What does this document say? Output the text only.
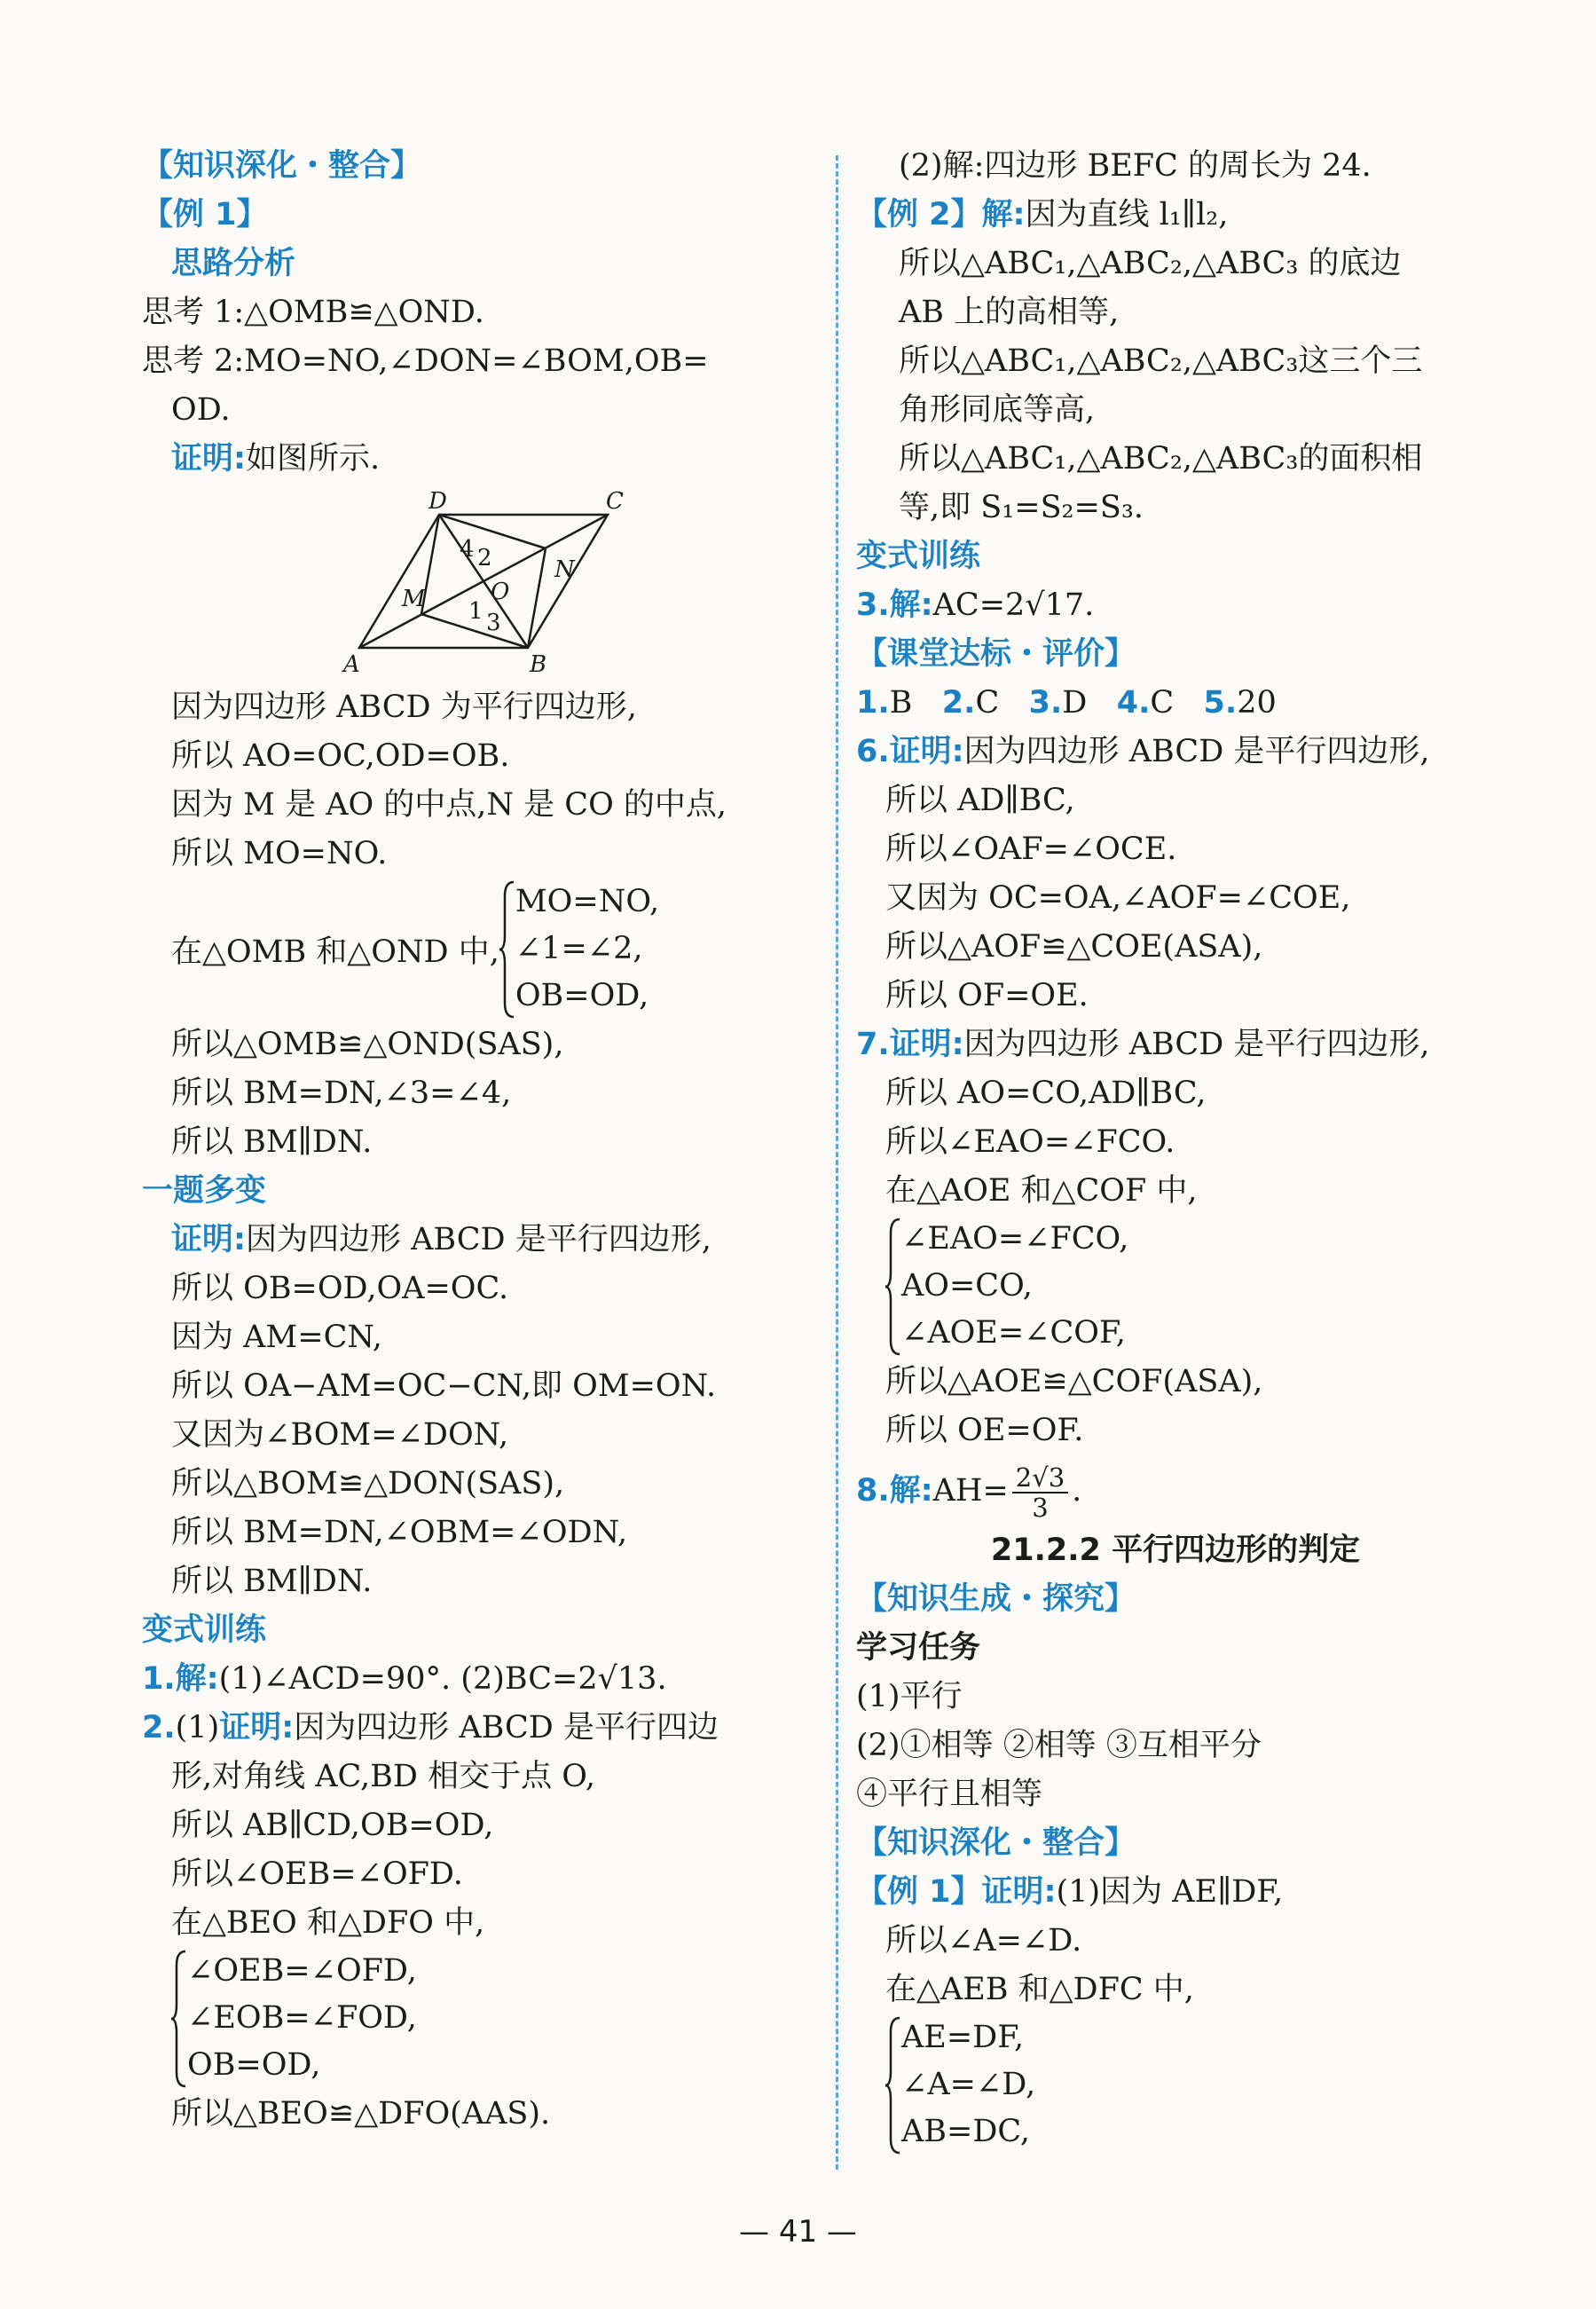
【知识深化・整合】
【例 1】
思路分析
思考 1:△OMB≌△OND.
思考 2:MO=NO,∠DON=∠BOM,OB=
OD.
证明:如图所示.
D	C
4 2	N
M	O
1 3
A	B
因为四边形 ABCD 为平行四边形,
所以 AO=OC,OD=OB.
因为 M 是 AO 的中点,N 是 CO 的中点,
所以 MO=NO.
在△OMB 和△OND 中,
MO=NO,
∠1=∠2,
OB=OD,
所以△OMB≌△OND(SAS),
所以 BM=DN,∠3=∠4,
所以 BM∥DN.
一题多变
证明:因为四边形 ABCD 是平行四边形,
所以 OB=OD,OA=OC.
因为 AM=CN,
所以 OA−AM=OC−CN,即 OM=ON.
又因为∠BOM=∠DON,
所以△BOM≌△DON(SAS),
所以 BM=DN,∠OBM=∠ODN,
所以 BM∥DN.
变式训练
1.解:(1)∠ACD=90°. (2)BC=2√13.
2.(1)证明:因为四边形 ABCD 是平行四边
形,对角线 AC,BD 相交于点 O,
所以 AB∥CD,OB=OD,
所以∠OEB=∠OFD.
在△BEO 和△DFO 中,
∠OEB=∠OFD,
∠EOB=∠FOD,
OB=OD,
所以△BEO≌△DFO(AAS).
(2)解:四边形 BEFC 的周长为 24.
【例 2】解:因为直线 l₁∥l₂,
所以△ABC₁,△ABC₂,△ABC₃ 的底边
AB 上的高相等,
所以△ABC₁,△ABC₂,△ABC₃这三个三
角形同底等高,
所以△ABC₁,△ABC₂,△ABC₃的面积相
等,即 S₁=S₂=S₃.
变式训练
3.解:AC=2√17.
【课堂达标・评价】
1.B 2.C 3.D 4.C 5.20
6.证明:因为四边形 ABCD 是平行四边形,
所以 AD∥BC,
所以∠OAF=∠OCE.
又因为 OC=OA,∠AOF=∠COE,
所以△AOF≌△COE(ASA),
所以 OF=OE.
7.证明:因为四边形 ABCD 是平行四边形,
所以 AO=CO,AD∥BC,
所以∠EAO=∠FCO.
在△AOE 和△COF 中,
∠EAO=∠FCO,
AO=CO,
∠AOE=∠COF,
所以△AOE≌△COF(ASA),
所以 OE=OF.
8.解:AH= $\frac{2√3}{3}$ .
21.2.2 平行四边形的判定
【知识生成・探究】
学习任务
(1)平行
(2)①相等 ②相等 ③互相平分
④平行且相等
【知识深化・整合】
【例 1】证明:(1)因为 AE∥DF,
所以∠A=∠D.
在△AEB 和△DFC 中,
AE=DF,
∠A=∠D,
AB=DC,
— 41 —
